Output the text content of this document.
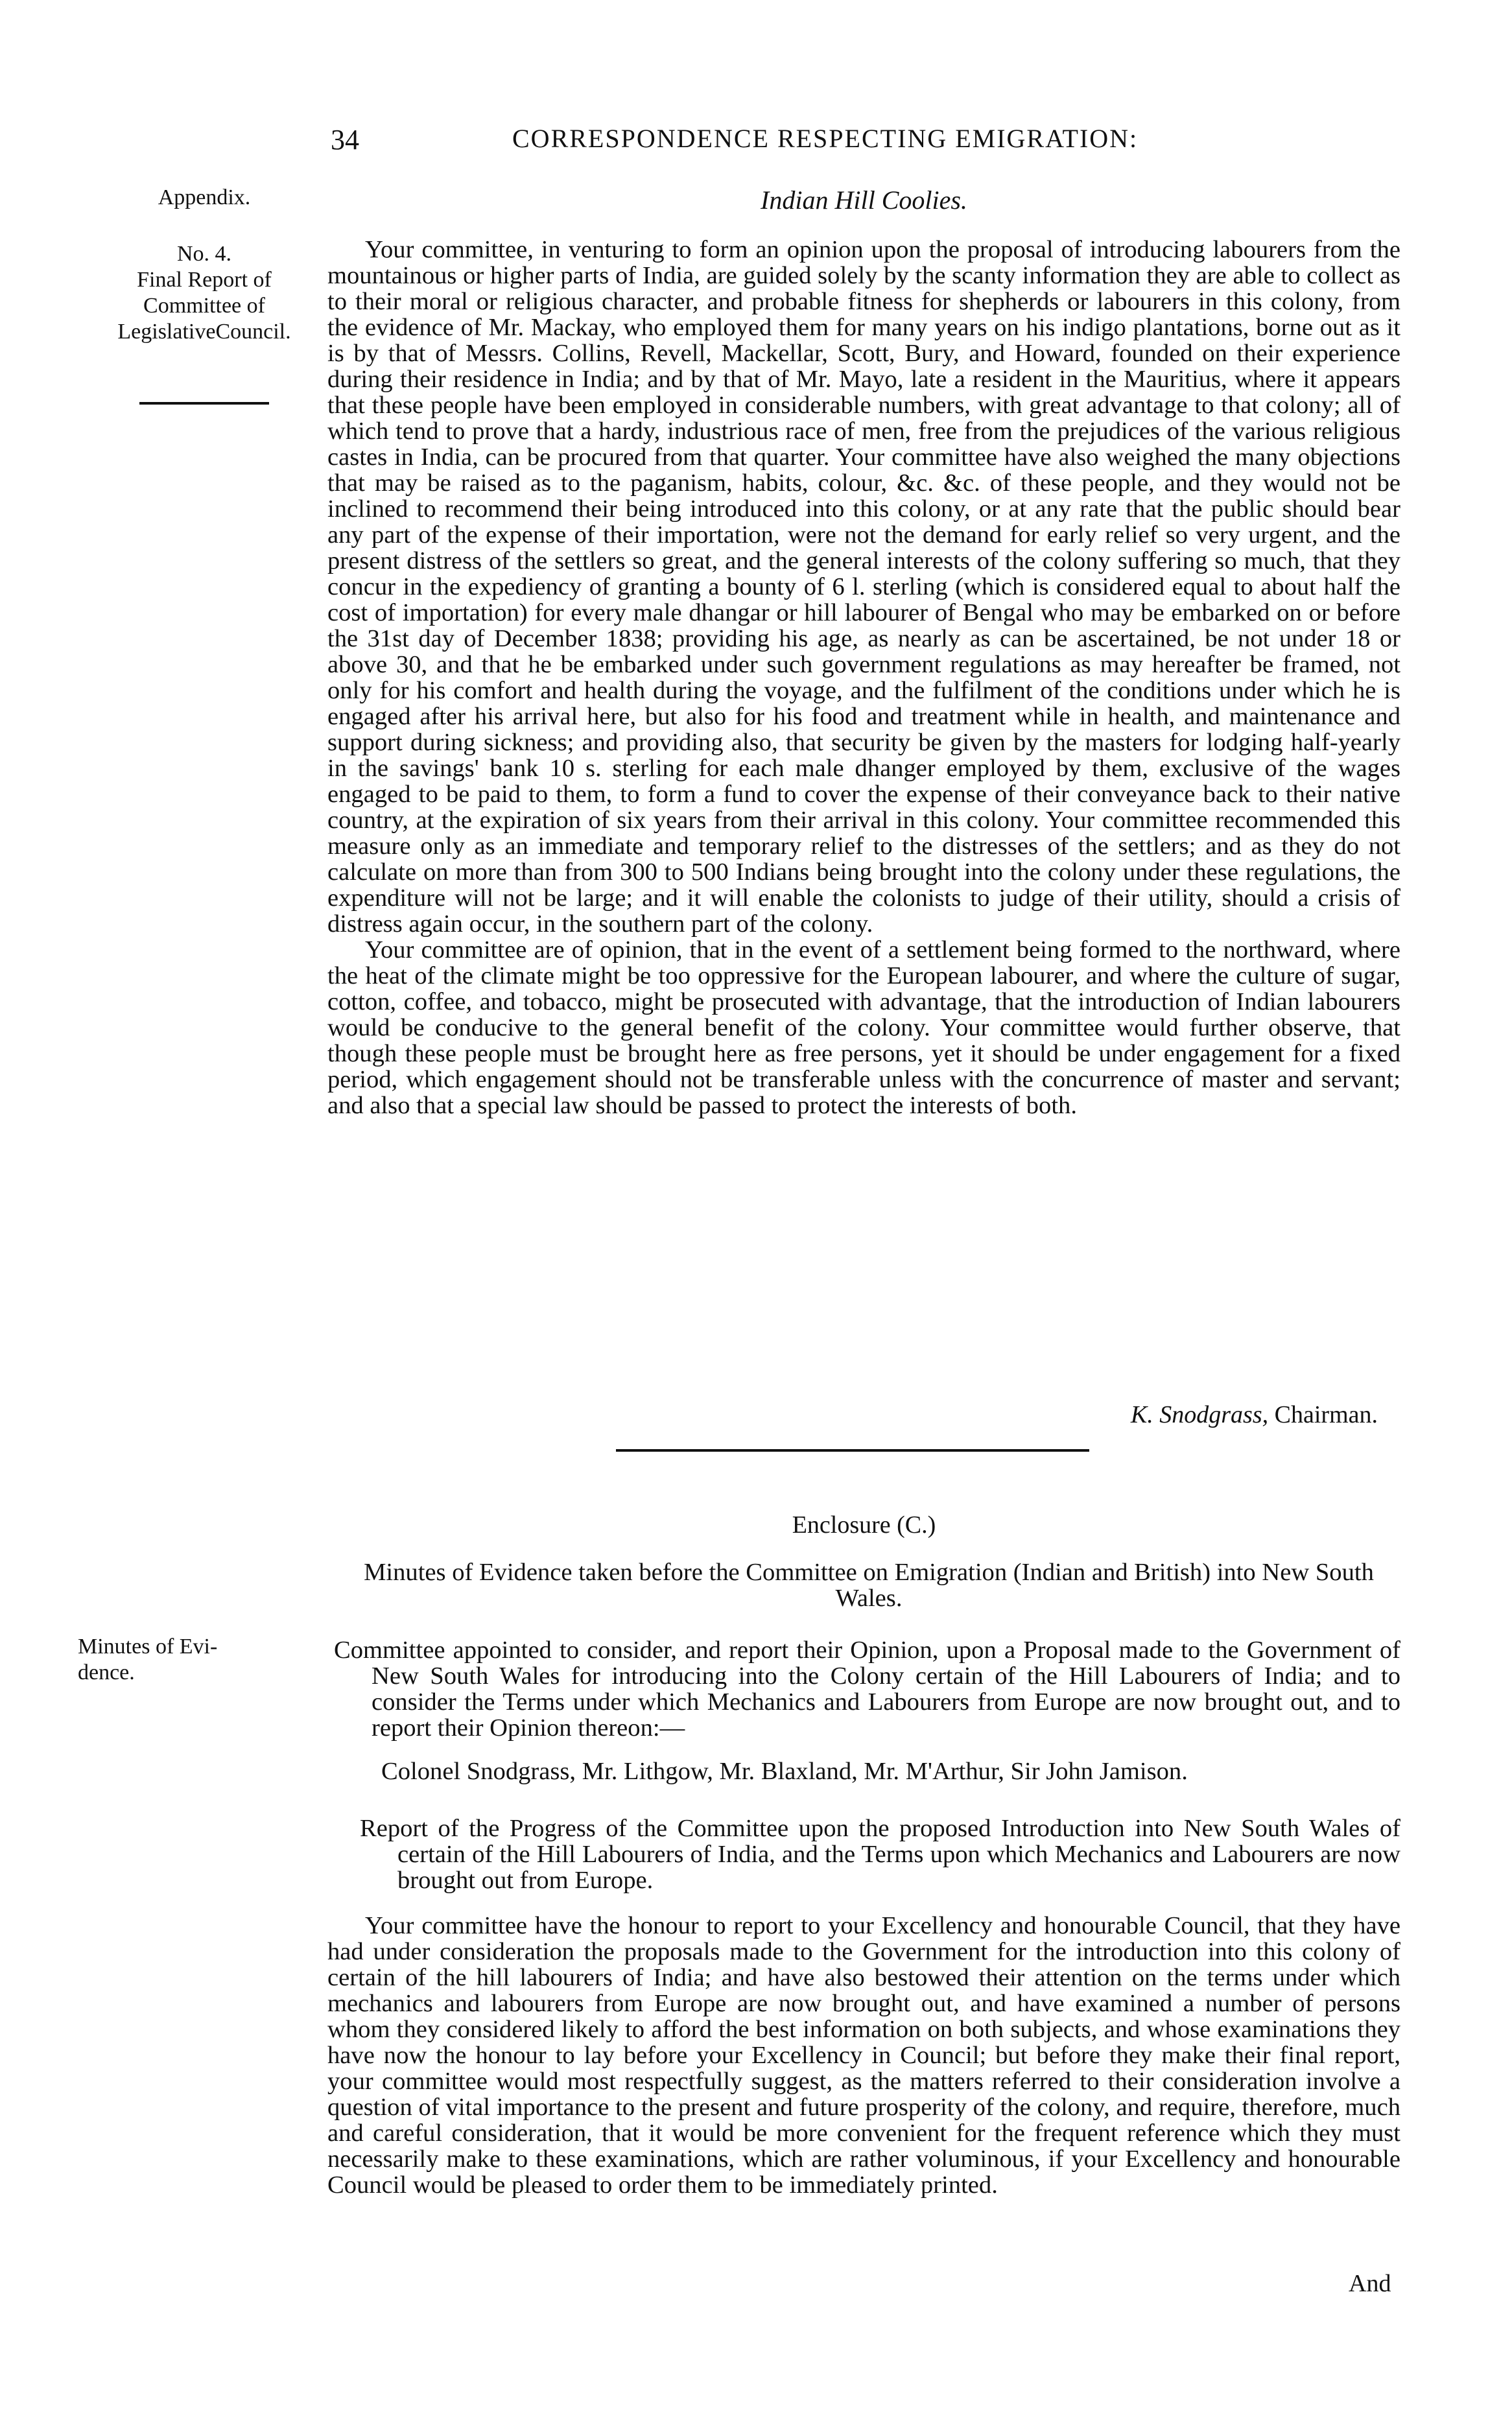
34	CORRESPONDENCE RESPECTING EMIGRATION:
Appendix.
No. 4.
Final Report of
Committee of
LegislativeCouncil.
Minutes of Evi-
dence.
Indian Hill Coolies.

Your committee, in venturing to form an opinion upon the proposal of introducing labourers from the mountainous or higher parts of India, are guided solely by the scanty information they are able to collect as to their moral or religious character, and probable fitness for shepherds or labourers in this colony, from the evidence of Mr. Mackay, who employed them for many years on his indigo plantations, borne out as it is by that of Messrs. Collins, Revell, Mackellar, Scott, Bury, and Howard, founded on their experience during their residence in India; and by that of Mr. Mayo, late a resident in the Mauritius, where it appears that these people have been employed in considerable numbers, with great advantage to that colony; all of which tend to prove that a hardy, industrious race of men, free from the prejudices of the various religious castes in India, can be procured from that quarter. Your committee have also weighed the many objections that may be raised as to the paganism, habits, colour, &c. &c. of these people, and they would not be inclined to recommend their being introduced into this colony, or at any rate that the public should bear any part of the expense of their importation, were not the demand for early relief so very urgent, and the present distress of the settlers so great, and the general interests of the colony suffering so much, that they concur in the expediency of granting a bounty of 6 l. sterling (which is considered equal to about half the cost of importation) for every male dhangar or hill labourer of Bengal who may be embarked on or before the 31st day of December 1838; providing his age, as nearly as can be ascertained, be not under 18 or above 30, and that he be embarked under such government regulations as may hereafter be framed, not only for his comfort and health during the voyage, and the fulfilment of the conditions under which he is engaged after his arrival here, but also for his food and treatment while in health, and maintenance and support during sickness; and providing also, that security be given by the masters for lodging half-yearly in the savings' bank 10 s. sterling for each male dhanger employed by them, exclusive of the wages engaged to be paid to them, to form a fund to cover the expense of their conveyance back to their native country, at the expiration of six years from their arrival in this colony. Your committee recommended this measure only as an immediate and temporary relief to the distresses of the settlers; and as they do not calculate on more than from 300 to 500 Indians being brought into the colony under these regulations, the expenditure will not be large; and it will enable the colonists to judge of their utility, should a crisis of distress again occur, in the southern part of the colony.

Your committee are of opinion, that in the event of a settlement being formed to the northward, where the heat of the climate might be too oppressive for the European labourer, and where the culture of sugar, cotton, coffee, and tobacco, might be prosecuted with advantage, that the introduction of Indian labourers would be conducive to the general benefit of the colony. Your committee would further observe, that though these people must be brought here as free persons, yet it should be under engagement for a fixed period, which engagement should not be transferable unless with the concurrence of master and servant; and also that a special law should be passed to protect the interests of both.

K. Snodgrass, Chairman.
Enclosure (C.)
Minutes of Evidence taken before the Committee on Emigration (Indian and British) into New South Wales.

Committee appointed to consider, and report their Opinion, upon a Proposal made to the Government of New South Wales for introducing into the Colony certain of the Hill Labourers of India; and to consider the Terms under which Mechanics and Labourers from Europe are now brought out, and to report their Opinion thereon:—

Colonel Snodgrass, Mr. Lithgow, Mr. Blaxland, Mr. M'Arthur, Sir John Jamison.

Report of the Progress of the Committee upon the proposed Introduction into New South Wales of certain of the Hill Labourers of India, and the Terms upon which Mechanics and Labourers are now brought out from Europe.

Your committee have the honour to report to your Excellency and honourable Council, that they have had under consideration the proposals made to the Government for the introduction into this colony of certain of the hill labourers of India; and have also bestowed their attention on the terms under which mechanics and labourers from Europe are now brought out, and have examined a number of persons whom they considered likely to afford the best information on both subjects, and whose examinations they have now the honour to lay before your Excellency in Council; but before they make their final report, your committee would most respectfully suggest, as the matters referred to their consideration involve a question of vital importance to the present and future prosperity of the colony, and require, therefore, much and careful consideration, that it would be more convenient for the frequent reference which they must necessarily make to these examinations, which are rather voluminous, if your Excellency and honourable Council would be pleased to order them to be immediately printed.

And
